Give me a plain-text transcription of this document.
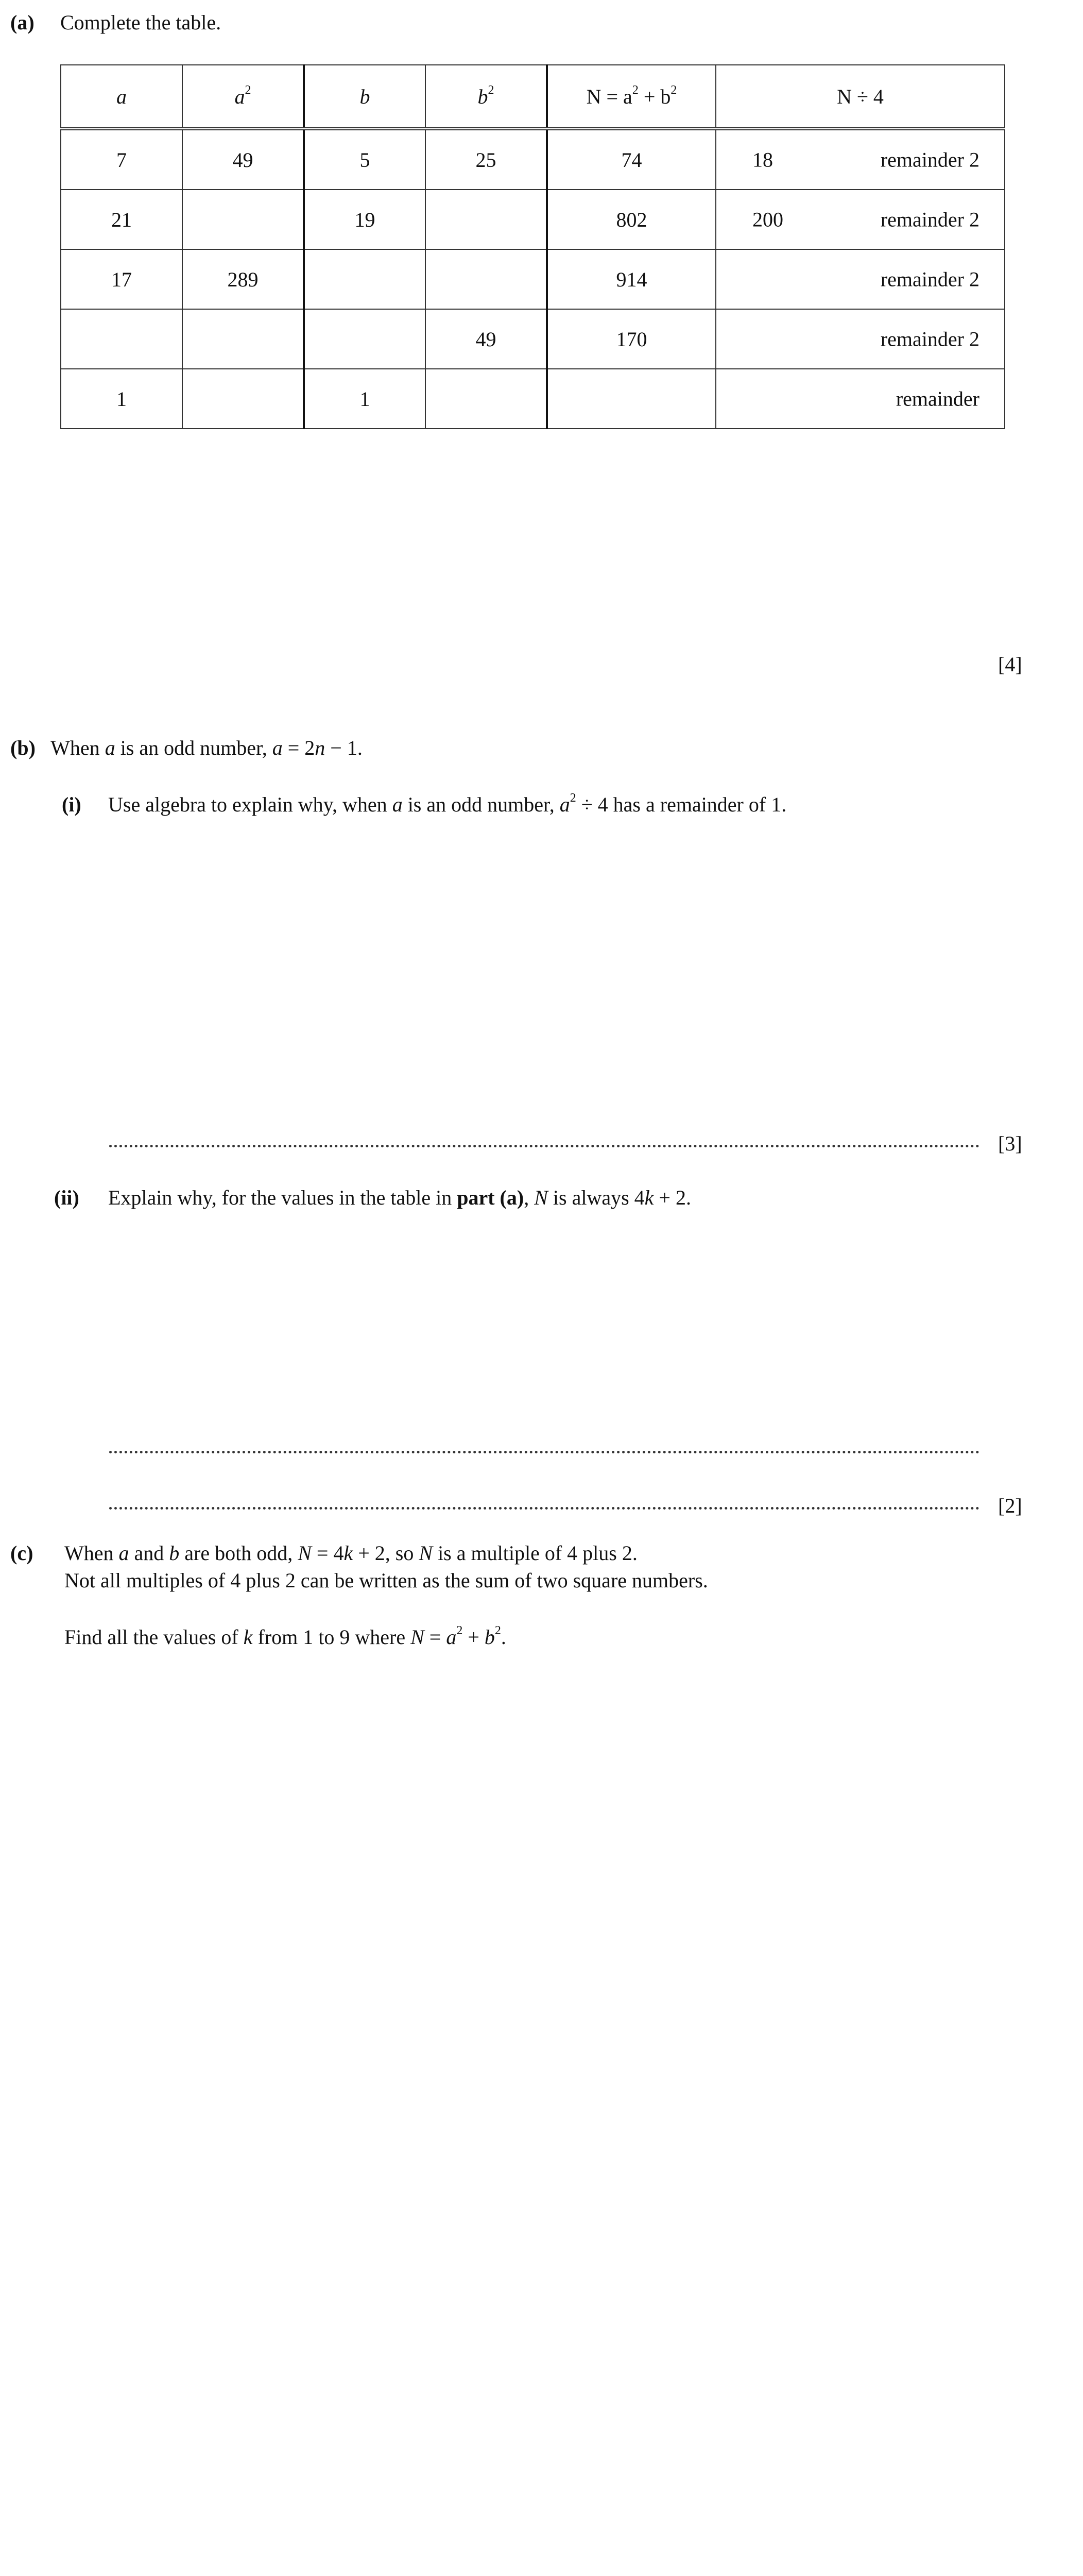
(a) Complete the table.
a	$a^2$	b	$b^2$	$N = a^2 + b^2$	N ÷ 4
7	49	5	25	74	18 remainder 2

21		19		802	200 remainder 2

17	289			914	remainder 2

			49	170	remainder 2

1		1			remainder
[4]
(b) When a is an odd number, a = 2n − 1.
(i) Use algebra to explain why, when a is an odd number, $a^2 \div 4$ has a remainder of 1.
[3]
(ii) Explain why, for the values in the table in part (a), N is always 4k + 2.
[2]
(c) When a and b are both odd, N = 4k + 2, so N is a multiple of 4 plus 2.
Not all multiples of 4 plus 2 can be written as the sum of two square numbers.
Find all the values of k from 1 to 9 where $N = a^2 + b^2$.
